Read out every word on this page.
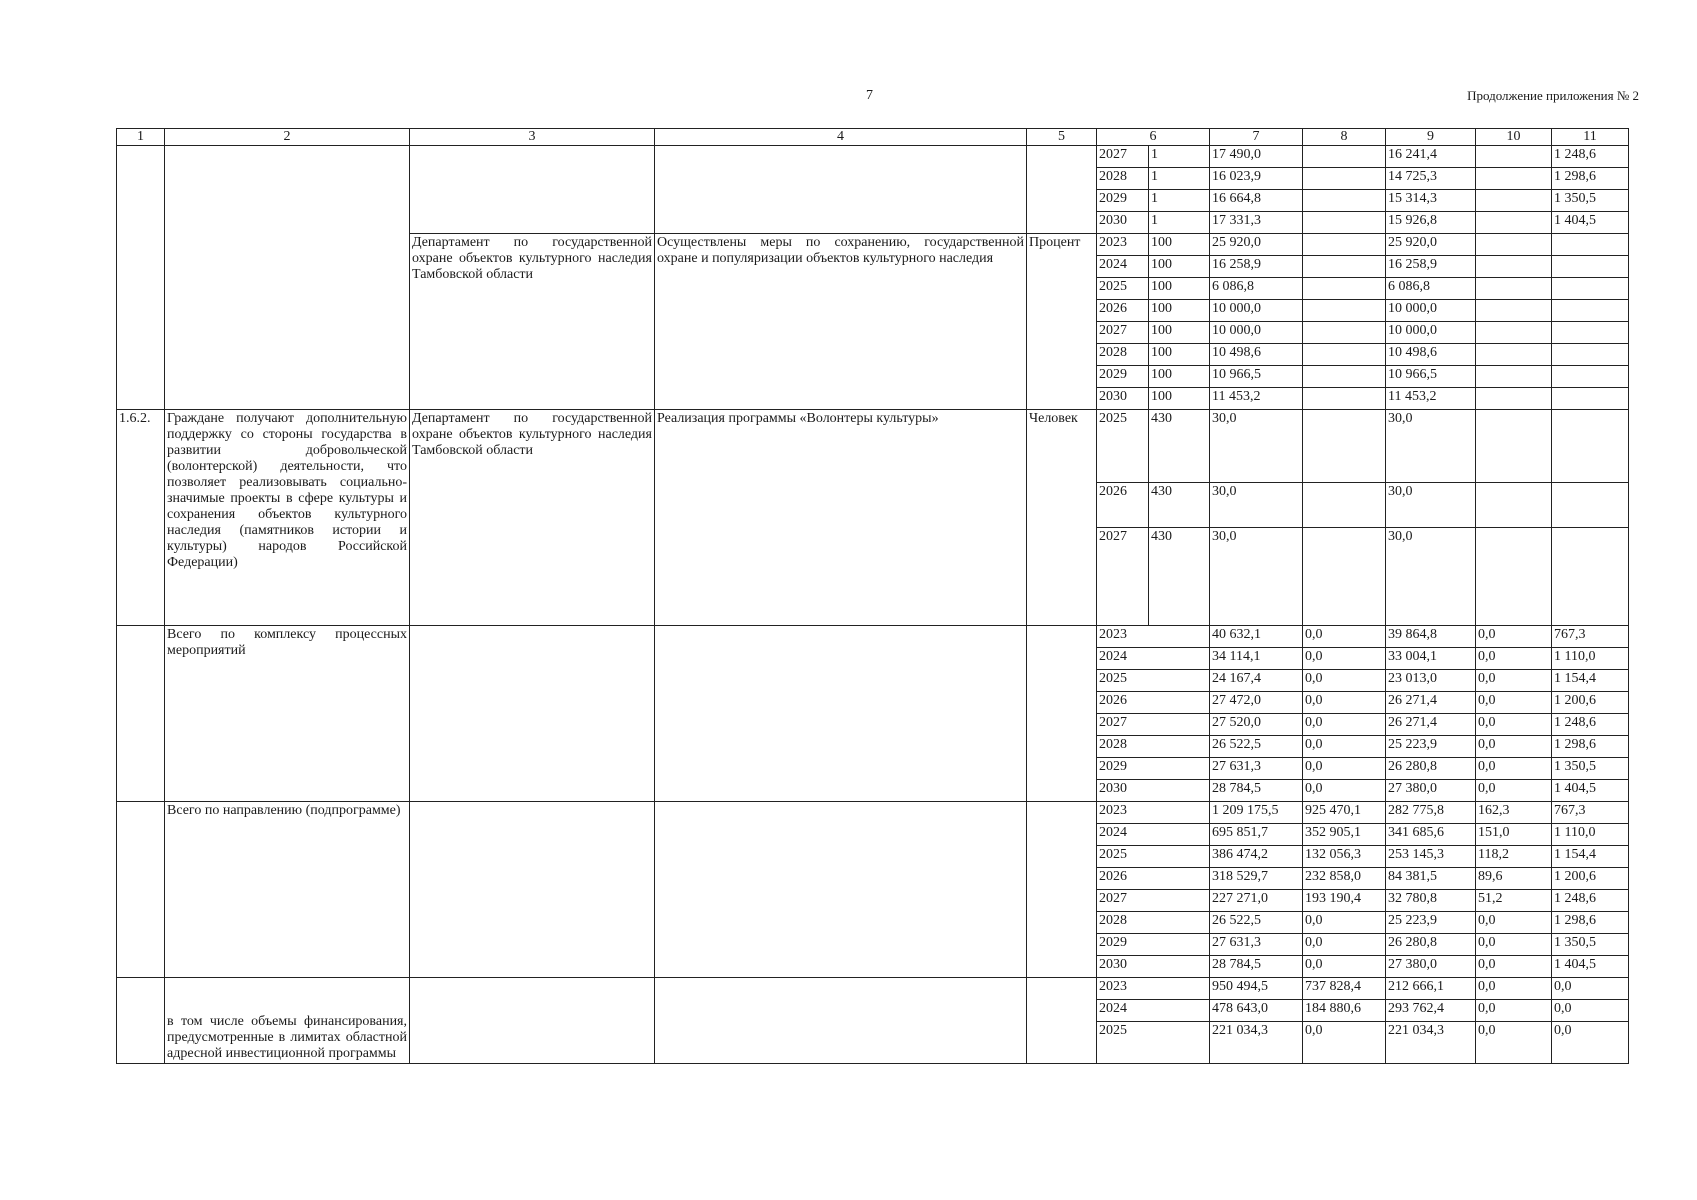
7	Продолжение приложения № 2
1	2	3	4	5	6		7	8	9	10	11
					2027	1	17 490,0		16 241,4		1 248,6
					2028	1	16 023,9		14 725,3		1 298,6
					2029	1	16 664,8		15 314,3		1 350,5
					2030	1	17 331,3		15 926,8		1 404,5
		Департамент по государственной охране объектов культурного наследия Тамбовской области	Осуществлены меры по сохранению, государственной охране и популяризации объектов культурного наследия	Процент	2023	100	25 920,0		25 920,0		
					2024	100	16 258,9		16 258,9		
					2025	100	6 086,8		6 086,8		
					2026	100	10 000,0		10 000,0		
					2027	100	10 000,0		10 000,0		
					2028	100	10 498,6		10 498,6		
					2029	100	10 966,5		10 966,5		
					2030	100	11 453,2		11 453,2		
1.6.2.	Граждане получают дополнительную поддержку со стороны государства в развитии добровольческой (волонтерской) деятельности, что позволяет реализовывать социально-значимые проекты в сфере культуры и сохранения объектов культурного наследия (памятников истории и культуры) народов Российской Федерации)	Департамент по государственной охране объектов культурного наследия Тамбовской области	Реализация программы «Волонтеры культуры»	Человек	2025	430	30,0		30,0		
					2026	430	30,0		30,0		
					2027	430	30,0		30,0		
	Всего по комплексу процессных мероприятий				2023		40 632,1	0,0	39 864,8	0,0	767,3
					2024		34 114,1	0,0	33 004,1	0,0	1 110,0
					2025		24 167,4	0,0	23 013,0	0,0	1 154,4
					2026		27 472,0	0,0	26 271,4	0,0	1 200,6
					2027		27 520,0	0,0	26 271,4	0,0	1 248,6
					2028		26 522,5	0,0	25 223,9	0,0	1 298,6
					2029		27 631,3	0,0	26 280,8	0,0	1 350,5
					2030		28 784,5	0,0	27 380,0	0,0	1 404,5
	Всего по направлению (подпрограмме)				2023		1 209 175,5	925 470,1	282 775,8	162,3	767,3
					2024		695 851,7	352 905,1	341 685,6	151,0	1 110,0
					2025		386 474,2	132 056,3	253 145,3	118,2	1 154,4
					2026		318 529,7	232 858,0	84 381,5	89,6	1 200,6
					2027		227 271,0	193 190,4	32 780,8	51,2	1 248,6
					2028		26 522,5	0,0	25 223,9	0,0	1 298,6
					2029		27 631,3	0,0	26 280,8	0,0	1 350,5
					2030		28 784,5	0,0	27 380,0	0,0	1 404,5
	в том числе объемы финансирования, предусмотренные в лимитах областной адресной инвестиционной программы				2023		950 494,5	737 828,4	212 666,1	0,0	0,0
					2024		478 643,0	184 880,6	293 762,4	0,0	0,0
					2025		221 034,3	0,0	221 034,3	0,0	0,0
